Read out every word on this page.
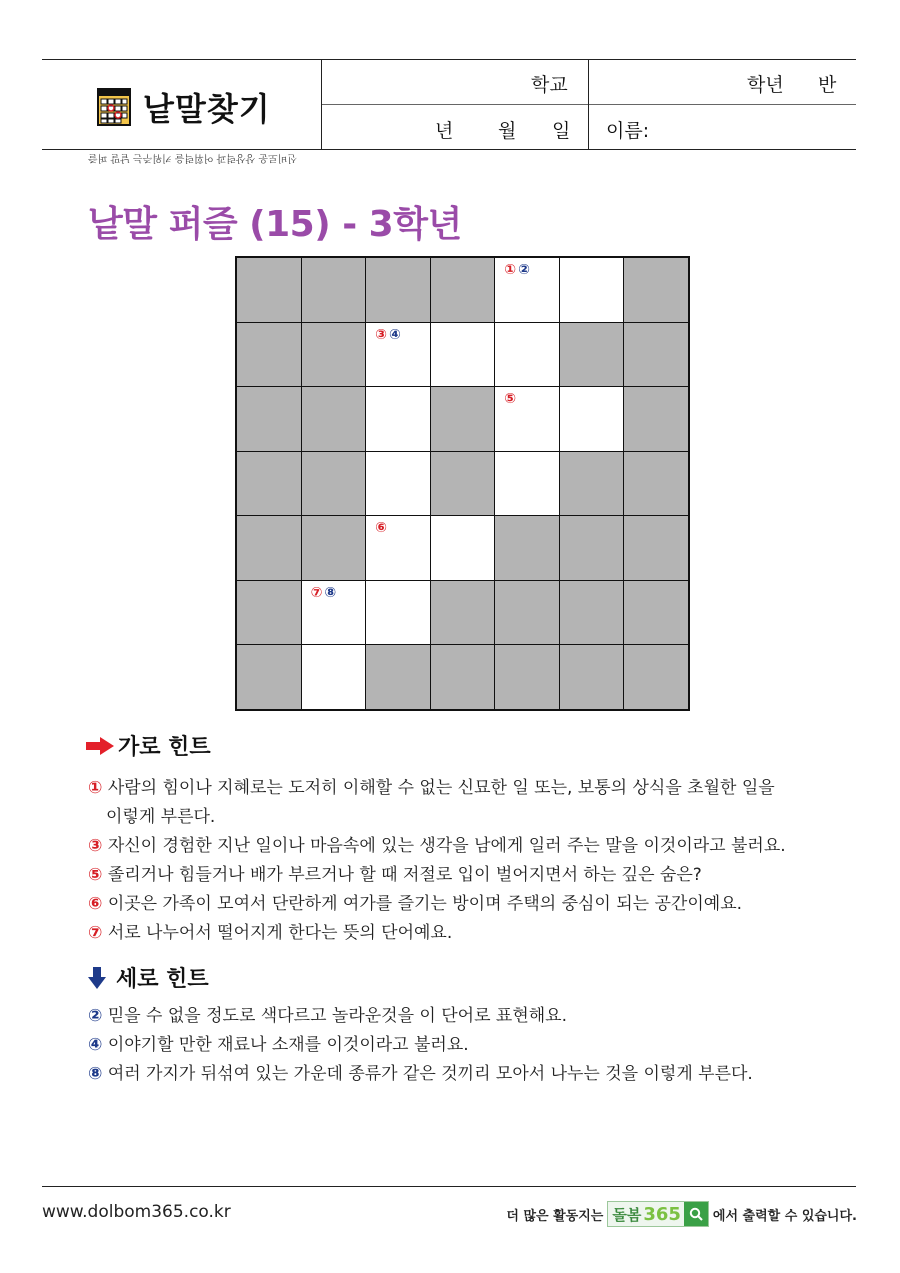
낱말찾기
학교	학년 반
년 월 일 이름:
신비로운 상상력과 어휘력을 키워주는 낱말 퍼즐
낱말 퍼즐 (15) - 3학년
①②
③④
⑤
⑥
⑦⑧
가로 힌트
① 사람의 힘이나 지혜로는 도저히 이해할 수 없는 신묘한 일 또는, 보통의 상식을 초월한 일을
이렇게 부른다.
③ 자신이 경험한 지난 일이나 마음속에 있는 생각을 남에게 일러 주는 말을 이것이라고 불러요.
⑤ 졸리거나 힘들거나 배가 부르거나 할 때 저절로 입이 벌어지면서 하는 깊은 숨은?
⑥ 이곳은 가족이 모여서 단란하게 여가를 즐기는 방이며 주택의 중심이 되는 공간이예요.
⑦ 서로 나누어서 떨어지게 한다는 뜻의 단어예요.
세로 힌트
② 믿을 수 없을 정도로 색다르고 놀라운것을 이 단어로 표현해요.
④ 이야기할 만한 재료나 소재를 이것이라고 불러요.
⑧ 여러 가지가 뒤섞여 있는 가운데 종류가 같은 것끼리 모아서 나누는 것을 이렇게 부른다.
www.dolbom365.co.kr	더 많은 활동지는 돌봄 365 에서 출력할 수 있습니다.
